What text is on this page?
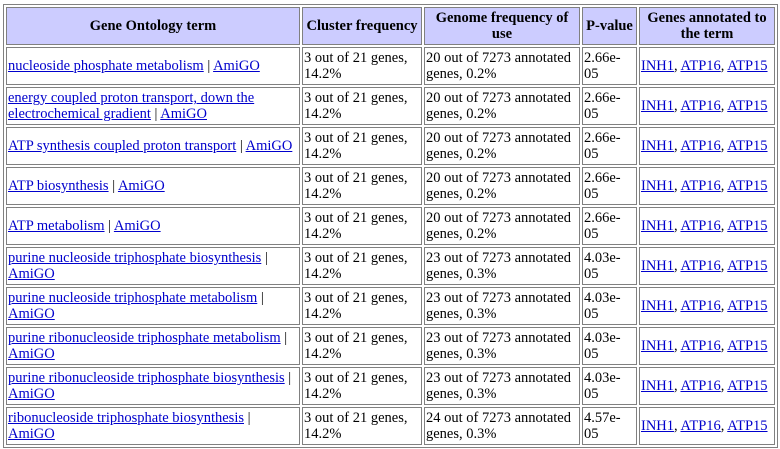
Gene Ontology term	Cluster frequency	Genome frequency of use	P-value	Genes annotated to the term
nucleoside phosphate metabolism | AmiGO	3 out of 21 genes, 14.2%	20 out of 7273 annotated genes, 0.2%	2.66e-05	INH1, ATP16, ATP15
energy coupled proton transport, down the electrochemical gradient | AmiGO	3 out of 21 genes, 14.2%	20 out of 7273 annotated genes, 0.2%	2.66e-05	INH1, ATP16, ATP15
ATP synthesis coupled proton transport | AmiGO	3 out of 21 genes, 14.2%	20 out of 7273 annotated genes, 0.2%	2.66e-05	INH1, ATP16, ATP15
ATP biosynthesis | AmiGO	3 out of 21 genes, 14.2%	20 out of 7273 annotated genes, 0.2%	2.66e-05	INH1, ATP16, ATP15
ATP metabolism | AmiGO	3 out of 21 genes, 14.2%	20 out of 7273 annotated genes, 0.2%	2.66e-05	INH1, ATP16, ATP15
purine nucleoside triphosphate biosynthesis | AmiGO	3 out of 21 genes, 14.2%	23 out of 7273 annotated genes, 0.3%	4.03e-05	INH1, ATP16, ATP15
purine nucleoside triphosphate metabolism | AmiGO	3 out of 21 genes, 14.2%	23 out of 7273 annotated genes, 0.3%	4.03e-05	INH1, ATP16, ATP15
purine ribonucleoside triphosphate metabolism | AmiGO	3 out of 21 genes, 14.2%	23 out of 7273 annotated genes, 0.3%	4.03e-05	INH1, ATP16, ATP15
purine ribonucleoside triphosphate biosynthesis | AmiGO	3 out of 21 genes, 14.2%	23 out of 7273 annotated genes, 0.3%	4.03e-05	INH1, ATP16, ATP15
ribonucleoside triphosphate biosynthesis | AmiGO	3 out of 21 genes, 14.2%	24 out of 7273 annotated genes, 0.3%	4.57e-05	INH1, ATP16, ATP15
